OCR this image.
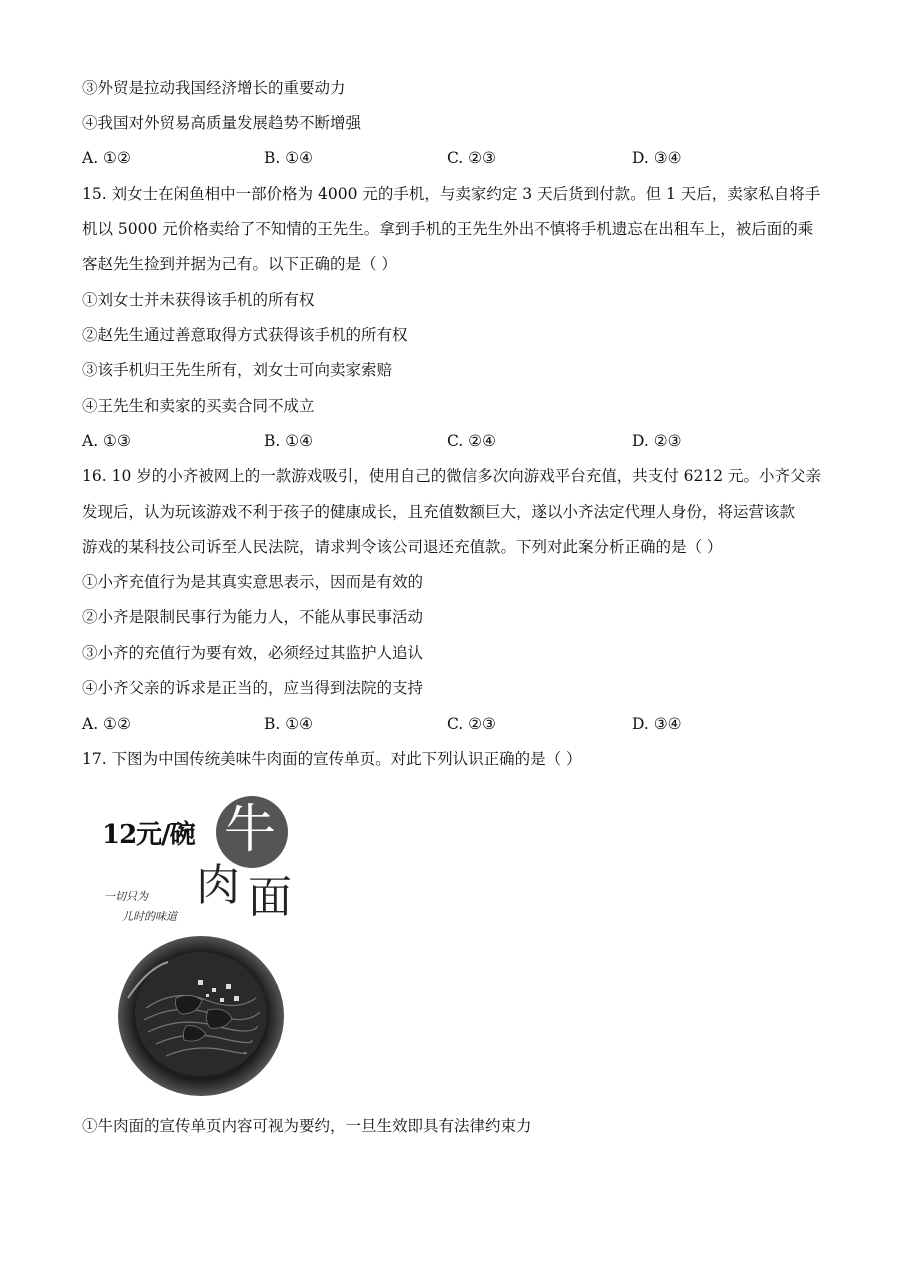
③外贸是拉动我国经济增长的重要动力
④我国对外贸易高质量发展趋势不断增强
A. ①②	B. ①④	C. ②③	D. ③④
15. 刘女士在闲鱼相中一部价格为 4000 元的手机，与卖家约定 3 天后货到付款。但 1 天后，卖家私自将手
机以 5000 元价格卖给了不知情的王先生。拿到手机的王先生外出不慎将手机遗忘在出租车上，被后面的乘
客赵先生捡到并据为己有。以下正确的是（ ）
①刘女士并未获得该手机的所有权
②赵先生通过善意取得方式获得该手机的所有权
③该手机归王先生所有，刘女士可向卖家索赔
④王先生和卖家的买卖合同不成立
A. ①③	B. ①④	C. ②④	D. ②③
16. 10 岁的小齐被网上的一款游戏吸引，使用自己的微信多次向游戏平台充值，共支付 6212 元。小齐父亲
发现后，认为玩该游戏不利于孩子的健康成长，且充值数额巨大，遂以小齐法定代理人身份，将运营该款
游戏的某科技公司诉至人民法院，请求判令该公司退还充值款。下列对此案分析正确的是（ ）
①小齐充值行为是其真实意思表示，因而是有效的
②小齐是限制民事行为能力人，不能从事民事活动
③小齐的充值行为要有效，必须经过其监护人追认
④小齐父亲的诉求是正当的，应当得到法院的支持
A. ①②	B. ①④	C. ②③	D. ③④
17. 下图为中国传统美味牛肉面的宣传单页。对此下列认识正确的是（ ）
12元/碗 牛
肉 面
一切只为
儿时的味道
①牛肉面的宣传单页内容可视为要约，一旦生效即具有法律约束力
